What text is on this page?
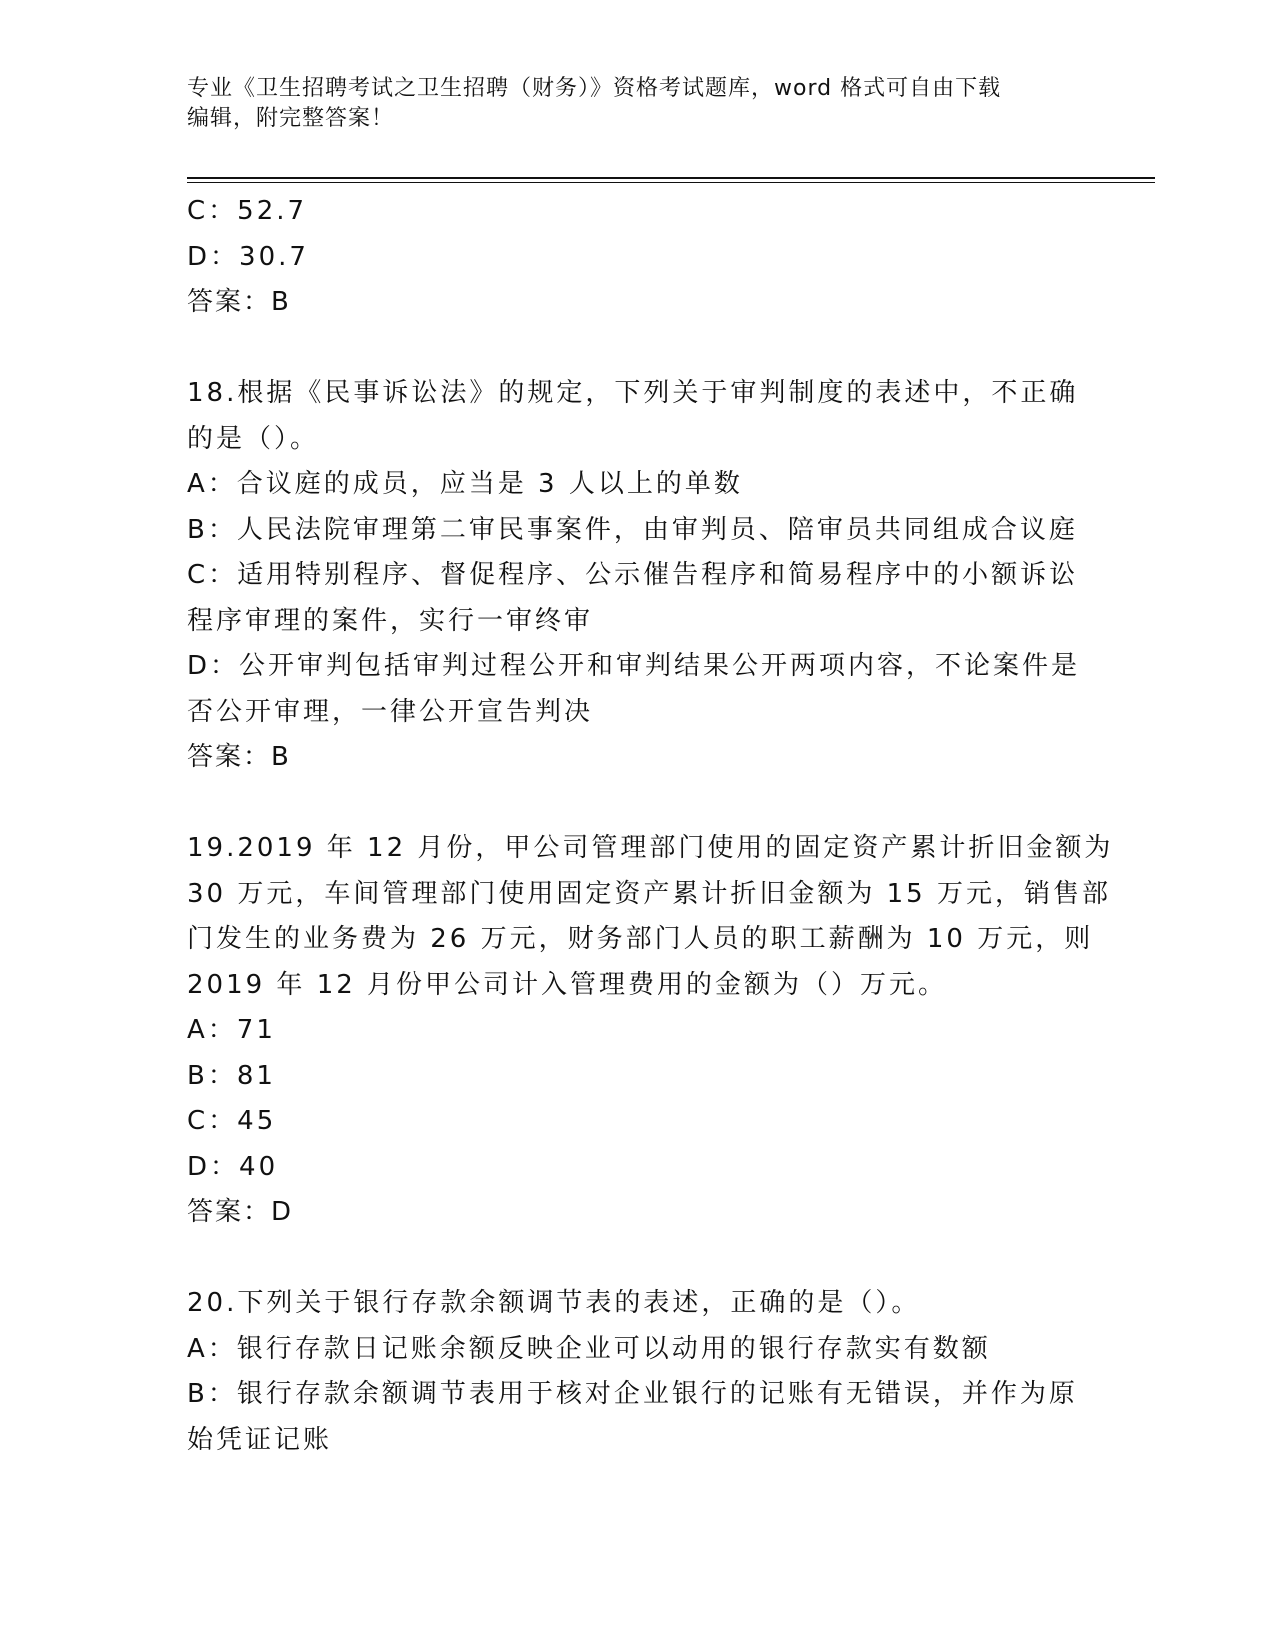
专业《卫生招聘考试之卫生招聘（财务）》资格考试题库，word 格式可自由下载
编辑，附完整答案！
C：52.7
D：30.7
答案：B
18.根据《民事诉讼法》的规定，下列关于审判制度的表述中，不正确
的是（）。
A：合议庭的成员，应当是 3 人以上的单数
B：人民法院审理第二审民事案件，由审判员、陪审员共同组成合议庭
C：适用特别程序、督促程序、公示催告程序和简易程序中的小额诉讼
程序审理的案件，实行一审终审
D：公开审判包括审判过程公开和审判结果公开两项内容，不论案件是
否公开审理，一律公开宣告判决
答案：B
19.2019 年 12 月份，甲公司管理部门使用的固定资产累计折旧金额为
30 万元，车间管理部门使用固定资产累计折旧金额为 15 万元，销售部
门发生的业务费为 26 万元，财务部门人员的职工薪酬为 10 万元，则
2019 年 12 月份甲公司计入管理费用的金额为（）万元。
A：71
B：81
C：45
D：40
答案：D
20.下列关于银行存款余额调节表的表述，正确的是（）。
A：银行存款日记账余额反映企业可以动用的银行存款实有数额
B：银行存款余额调节表用于核对企业银行的记账有无错误，并作为原
始凭证记账
